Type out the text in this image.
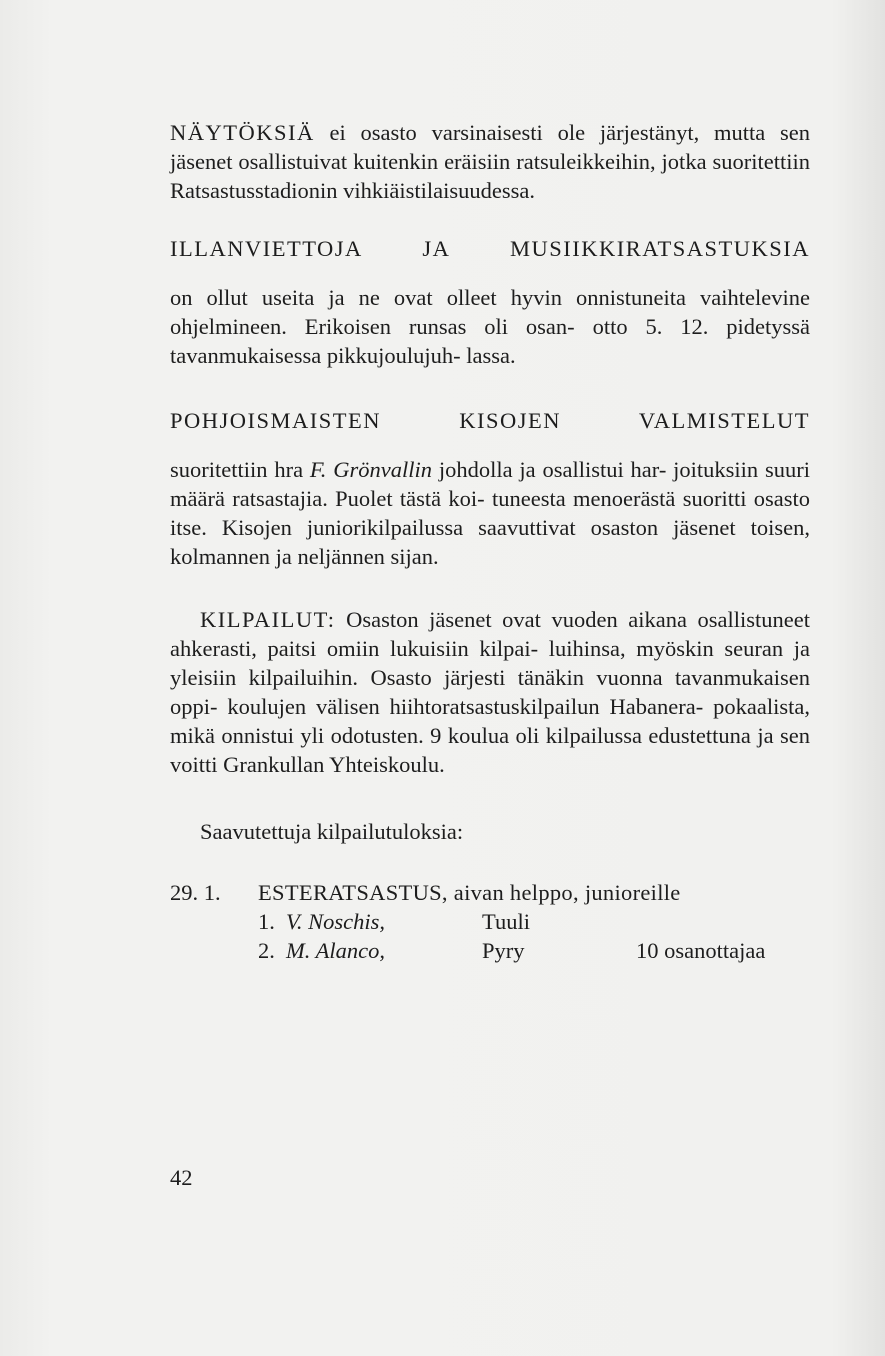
NÄYTÖKSIÄ ei osasto varsinaisesti ole järjestänyt, mutta sen jäsenet osallistuivat kuitenkin eräisiin ratsuleikkeihin, jotka suoritettiin Ratsastusstadionin vihkiäistilaisuudessa.

ILLANVIETTOJA JA MUSIIKKIRATSASTUKSIA

on ollut useita ja ne ovat olleet hyvin onnistuneita vaihtelevine ohjelmineen. Erikoisen runsas oli osan- otto 5. 12. pidetyssä tavanmukaisessa pikkujoulujuh- lassa.

POHJOISMAISTEN KISOJEN VALMISTELUT

suoritettiin hra F. Grönvallin johdolla ja osallistui har- joituksiin suuri määrä ratsastajia. Puolet tästä koi- tuneesta menoerästä suoritti osasto itse. Kisojen juniorikilpailussa saavuttivat osaston jäsenet toisen, kolmannen ja neljännen sijan.

KILPAILUT: Osaston jäsenet ovat vuoden aikana osallistuneet ahkerasti, paitsi omiin lukuisiin kilpai- luihinsa, myöskin seuran ja yleisiin kilpailuihin. Osasto järjesti tänäkin vuonna tavanmukaisen oppi- koulujen välisen hiihtoratsastuskilpailun Habanera- pokaalista, mikä onnistui yli odotusten. 9 koulua oli kilpailussa edustettuna ja sen voitti Grankullan Yhteiskoulu.

Saavutettuja kilpailutuloksia:

29. 1. ESTERATSASTUS, aivan helppo, junioreille
1. V. Noschis,	Tuuli
2. M. Alanco,	Pyry	10 osanottajaa
42
